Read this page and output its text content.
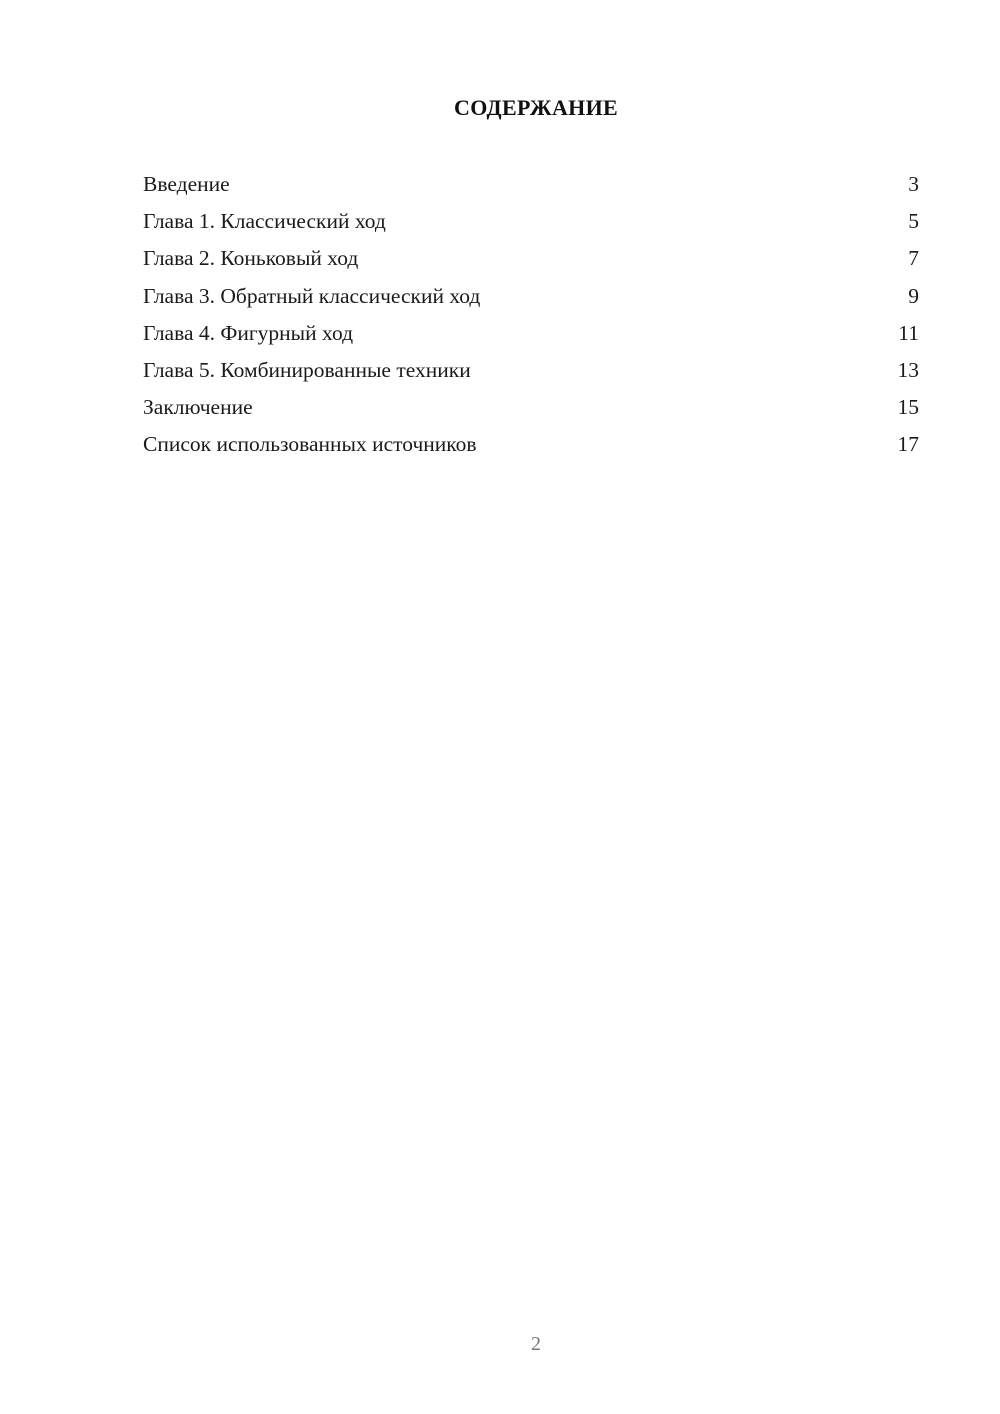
СОДЕРЖАНИЕ
Введение	3
Глава 1. Классический ход	5
Глава 2. Коньковый ход	7
Глава 3. Обратный классический ход	9
Глава 4. Фигурный ход	11
Глава 5. Комбинированные техники	13
Заключение	15
Список использованных источников	17
2
